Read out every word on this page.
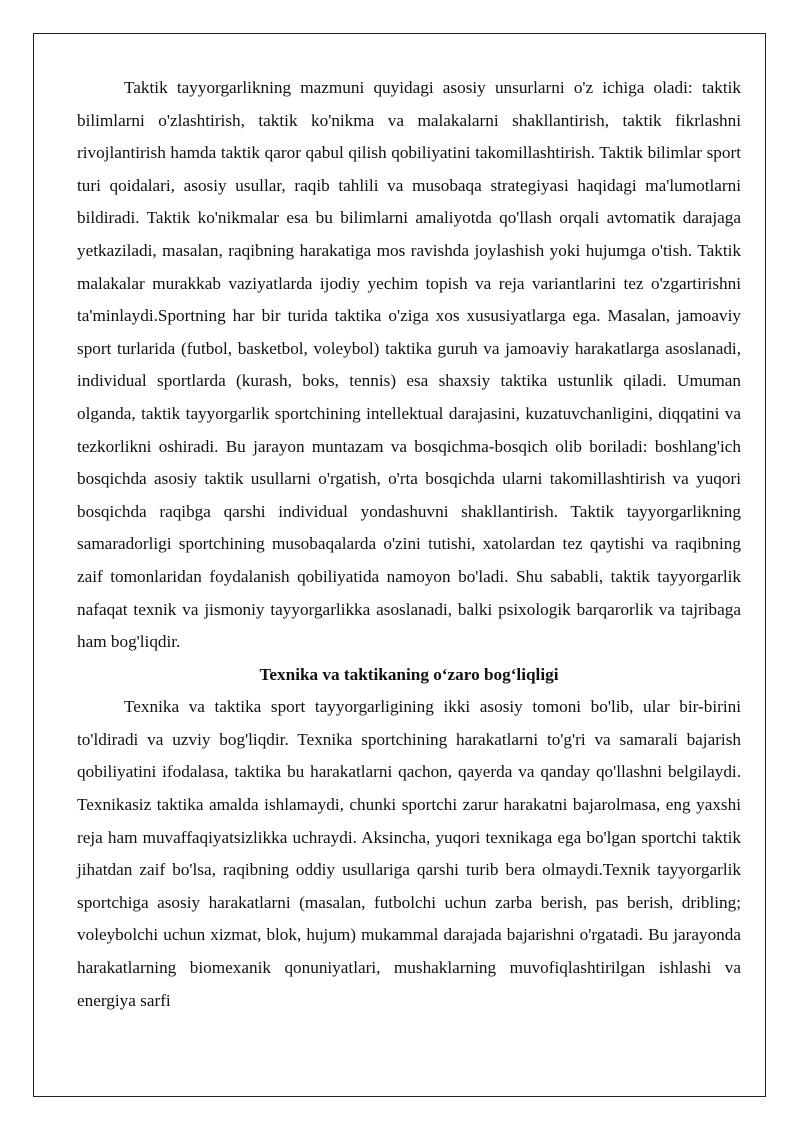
Taktik tayyorgarlikning mazmuni quyidagi asosiy unsurlarni o'z ichiga oladi: taktik bilimlarni o'zlashtirish, taktik ko'nikma va malakalarni shakllantirish, taktik fikrlashni rivojlantirish hamda taktik qaror qabul qilish qobiliyatini takomillashtirish. Taktik bilimlar sport turi qoidalari, asosiy usullar, raqib tahlili va musobaqa strategiyasi haqidagi ma'lumotlarni bildiradi. Taktik ko'nikmalar esa bu bilimlarni amaliyotda qo'llash orqali avtomatik darajaga yetkaziladi, masalan, raqibning harakatiga mos ravishda joylashish yoki hujumga o'tish. Taktik malakalar murakkab vaziyatlarda ijodiy yechim topish va reja variantlarini tez o'zgartirishni ta'minlaydi.Sportning har bir turida taktika o'ziga xos xususiyatlarga ega. Masalan, jamoaviy sport turlarida (futbol, basketbol, voleybol) taktika guruh va jamoaviy harakatlarga asoslanadi, individual sportlarda (kurash, boks, tennis) esa shaxsiy taktika ustunlik qiladi. Umuman olganda, taktik tayyorgarlik sportchining intellektual darajasini, kuzatuvchanligini, diqqatini va tezkorlikni oshiradi. Bu jarayon muntazam va bosqichma-bosqich olib boriladi: boshlang'ich bosqichda asosiy taktik usullarni o'rgatish, o'rta bosqichda ularni takomillashtirish va yuqori bosqichda raqibga qarshi individual yondashuvni shakllantirish. Taktik tayyorgarlikning samaradorligi sportchining musobaqalarda o'zini tutishi, xatolardan tez qaytishi va raqibning zaif tomonlaridan foydalanish qobiliyatida namoyon bo'ladi. Shu sababli, taktik tayyorgarlik nafaqat texnik va jismoniy tayyorgarlikka asoslanadi, balki psixologik barqarorlik va tajribaga ham bog'liqdir.

Texnika va taktikaning o‘zaro bog‘liqligi

Texnika va taktika sport tayyorgarligining ikki asosiy tomoni bo'lib, ular bir-birini to'ldiradi va uzviy bog'liqdir. Texnika sportchining harakatlarni to'g'ri va samarali bajarish qobiliyatini ifodalasa, taktika bu harakatlarni qachon, qayerda va qanday qo'llashni belgilaydi. Texnikasiz taktika amalda ishlamaydi, chunki sportchi zarur harakatni bajarolmasa, eng yaxshi reja ham muvaffaqiyatsizlikka uchraydi. Aksincha, yuqori texnikaga ega bo'lgan sportchi taktik jihatdan zaif bo'lsa, raqibning oddiy usullariga qarshi turib bera olmaydi.Texnik tayyorgarlik sportchiga asosiy harakatlarni (masalan, futbolchi uchun zarba berish, pas berish, dribling; voleybolchi uchun xizmat, blok, hujum) mukammal darajada bajarishni o'rgatadi. Bu jarayonda harakatlarning biomexanik qonuniyatlari, mushaklarning muvofiqlashtirilgan ishlashi va energiya sarfi
